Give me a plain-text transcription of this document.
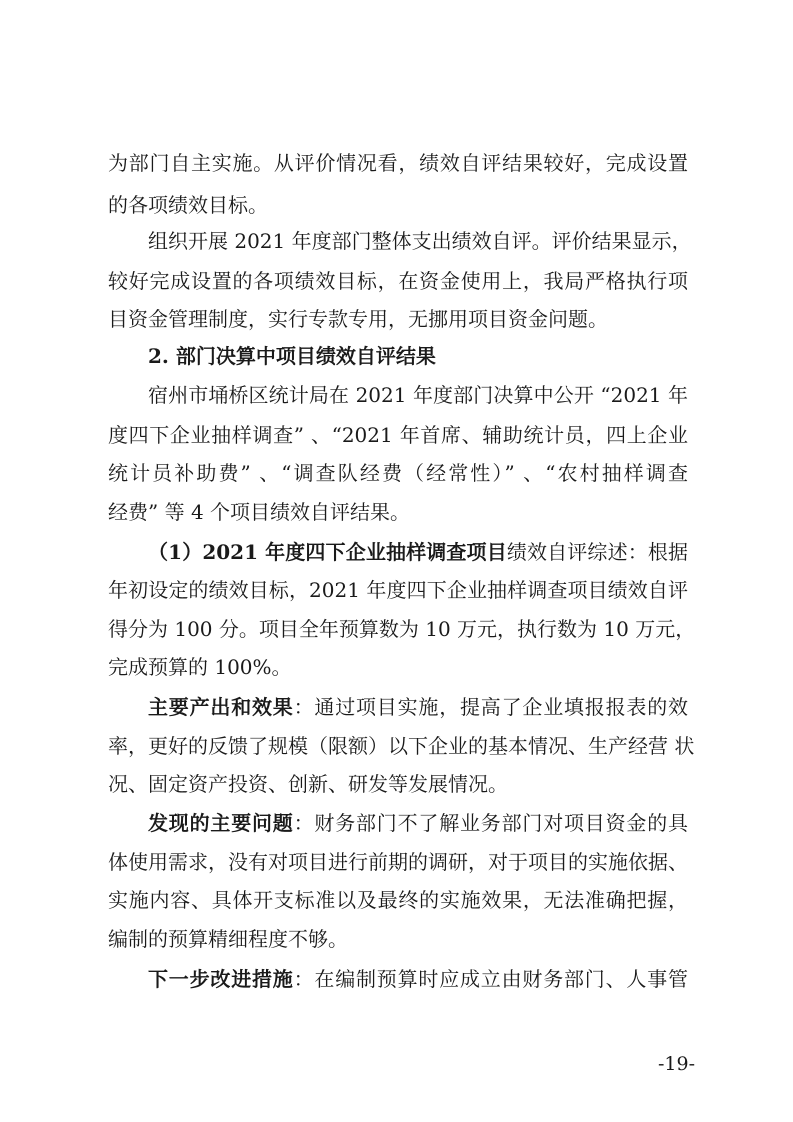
为部门自主实施。从评价情况看，绩效自评结果较好，完成设置
的各项绩效目标。
组织开展 2021 年度部门整体支出绩效自评。评价结果显示，
较好完成设置的各项绩效目标，在资金使用上，我局严格执行项
目资金管理制度，实行专款专用，无挪用项目资金问题。
2. 部门决算中项目绩效自评结果
宿州市埇桥区统计局在 2021 年度部门决算中公开 “2021 年
度四下企业抽样调查” 、“2021 年首席、辅助统计员，四上企业
统计员补助费” 、“调查队经费（经常性）” 、“农村抽样调查
经费” 等 4 个项目绩效自评结果。
（1）2021 年度四下企业抽样调查项目绩效自评综述：根据
年初设定的绩效目标，2021 年度四下企业抽样调查项目绩效自评
得分为 100 分。项目全年预算数为 10 万元，执行数为 10 万元，
完成预算的 100%。
主要产出和效果：通过项目实施，提高了企业填报报表的效
率，更好的反馈了规模（限额）以下企业的基本情况、生产经营 状
况、固定资产投资、创新、研发等发展情况。
发现的主要问题：财务部门不了解业务部门对项目资金的具
体使用需求，没有对项目进行前期的调研，对于项目的实施依据、
实施内容、具体开支标准以及最终的实施效果，无法准确把握，
编制的预算精细程度不够。
下一步改进措施：在编制预算时应成立由财务部门、人事管
-19-
